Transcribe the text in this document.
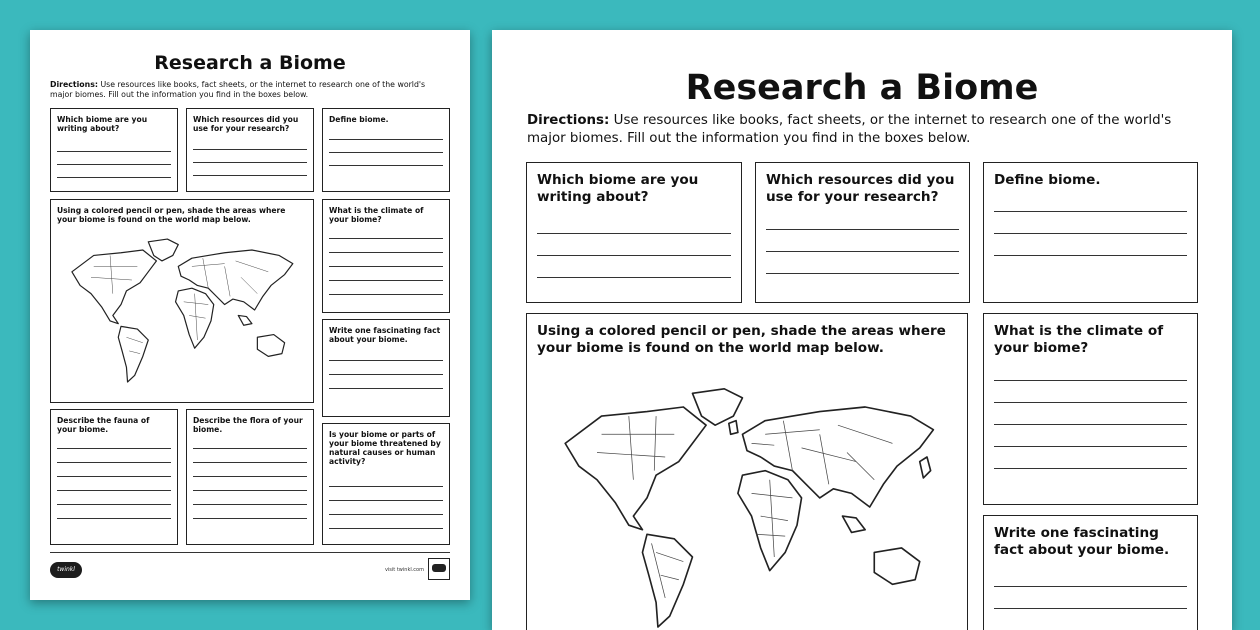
Research a Biome
Directions: Use resources like books, fact sheets, or the internet to research one of the world's major biomes. Fill out the information you find in the boxes below.
Which biome are you writing about?
Which resources did you use for your research?
Define biome.
Using a colored pencil or pen, shade the areas where your biome is found on the world map below.
What is the climate of your biome?
Write one fascinating fact about your biome.
Describe the fauna of your biome.
Describe the flora of your biome.
Is your biome or parts of your biome threatened by natural causes or human activity?
twinkl	visit twinkl.com
Research a Biome
Directions: Use resources like books, fact sheets, or the internet to research one of the world's major biomes. Fill out the information you find in the boxes below.
Which biome are you writing about?
Which resources did you use for your research?
Define biome.
Using a colored pencil or pen, shade the areas where your biome is found on the world map below.
What is the climate of your biome?
Write one fascinating fact about your biome.
